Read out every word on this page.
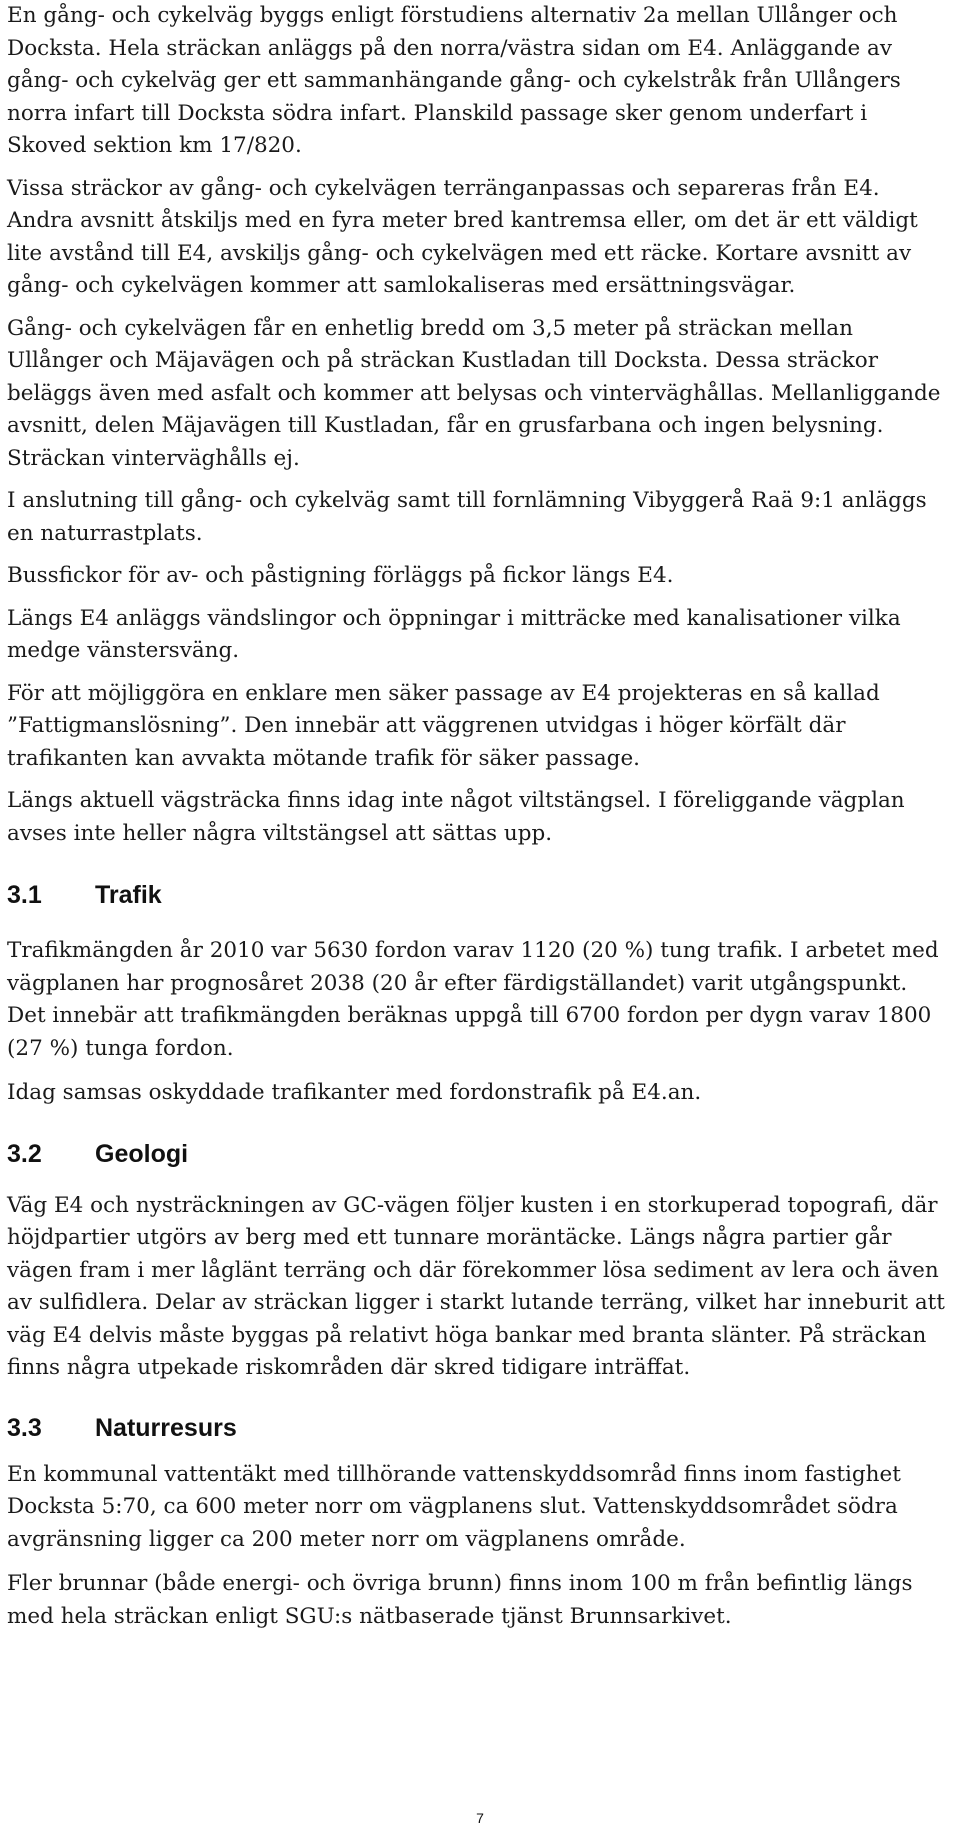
En gång- och cykelväg byggs enligt förstudiens alternativ 2a mellan Ullånger och Docksta. Hela sträckan anläggs på den norra/västra sidan om E4. Anläggande av gång- och cykelväg ger ett sammanhängande gång- och cykelstråk från Ullångers norra infart till Docksta södra infart. Planskild passage sker genom underfart i Skoved sektion km 17/820.

Vissa sträckor av gång- och cykelvägen terränganpassas och separeras från E4. Andra avsnitt åtskiljs med en fyra meter bred kantremsa eller, om det är ett väldigt lite avstånd till E4, avskiljs gång- och cykelvägen med ett räcke. Kortare avsnitt av gång- och cykelvägen kommer att samlokaliseras med ersättningsvägar.

Gång- och cykelvägen får en enhetlig bredd om 3,5 meter på sträckan mellan Ullånger och Mäjavägen och på sträckan Kustladan till Docksta. Dessa sträckor beläggs även med asfalt och kommer att belysas och vinterväghållas. Mellanliggande avsnitt, delen Mäjavägen till Kustladan, får en grusfarbana och ingen belysning. Sträckan vinterväghålls ej.

I anslutning till gång- och cykelväg samt till fornlämning Vibyggerå Raä 9:1 anläggs en naturrastplats.

Bussfickor för av- och påstigning förläggs på fickor längs E4.

Längs E4 anläggs vändslingor och öppningar i mitträcke med kanalisationer vilka medge vänstersväng.

För att möjliggöra en enklare men säker passage av E4 projekteras en så kallad ”Fattigmanslösning”. Den innebär att väggrenen utvidgas i höger körfält där trafikanten kan avvakta mötande trafik för säker passage.

Längs aktuell vägsträcka finns idag inte något viltstängsel. I föreliggande vägplan avses inte heller några viltstängsel att sättas upp.

3.1	Trafik

Trafikmängden år 2010 var 5630 fordon varav 1120 (20 %) tung trafik. I arbetet med vägplanen har prognosåret 2038 (20 år efter färdigställandet) varit utgångspunkt. Det innebär att trafikmängden beräknas uppgå till 6700 fordon per dygn varav 1800 (27 %) tunga fordon.

Idag samsas oskyddade trafikanter med fordonstrafik på E4.an.

3.2	Geologi

Väg E4 och nysträckningen av GC-vägen följer kusten i en storkuperad topografi, där höjdpartier utgörs av berg med ett tunnare moräntäcke. Längs några partier går vägen fram i mer låglänt terräng och där förekommer lösa sediment av lera och även av sulfidlera. Delar av sträckan ligger i starkt lutande terräng, vilket har inneburit att väg E4 delvis måste byggas på relativt höga bankar med branta slänter. På sträckan finns några utpekade riskområden där skred tidigare inträffat.

3.3	Naturresurs

En kommunal vattentäkt med tillhörande vattenskyddsområd finns inom fastighet Docksta 5:70, ca 600 meter norr om vägplanens slut. Vattenskyddsområdet södra avgränsning ligger ca 200 meter norr om vägplanens område.

Fler brunnar (både energi- och övriga brunn) finns inom 100 m från befintlig längs med hela sträckan enligt SGU:s nätbaserade tjänst Brunnsarkivet.

7
